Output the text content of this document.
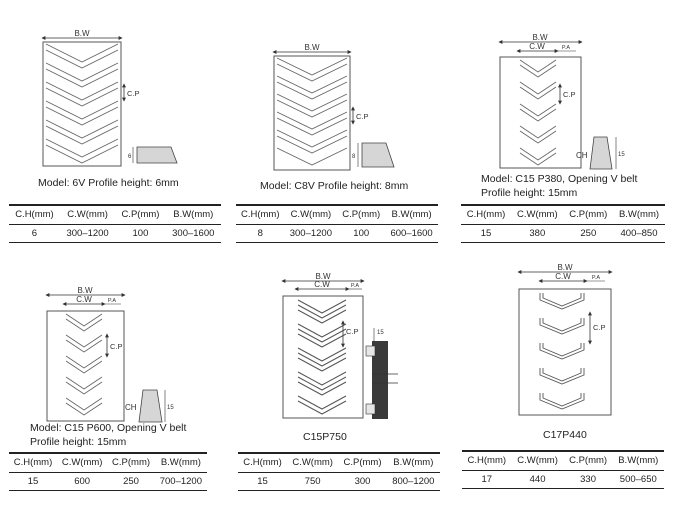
B.W
C.P
6
B.W
C.P
8
B.W
C.W	P.A
C.P
CH	15
B.W
C.W	P.A
C.P
CH	15
B.W
C.W	P.A
C.P	15
B.W
C.W	P.A
C.P
Model: 6V Profile height: 6mm	Model: C8V Profile height: 8mm
Model: C15 P380, Opening V belt
Profile height: 15mm
Model: C15 P600, Opening V belt
Profile height: 15mm	C15P750	C17P440
C.H(mm)	C.W(mm)	C.P(mm)	B.W(mm)
6	300–1200	100	300–1600
C.H(mm)	C.W(mm)	C.P(mm)	B.W(mm)
8	300–1200	100	600–1600
C.H(mm)	C.W(mm)	C.P(mm)	B.W(mm)
15	380	250	400–850
C.H(mm)	C.W(mm)	C.P(mm)	B.W(mm)
15	600	250	700–1200
C.H(mm)	C.W(mm)	C.P(mm)	B.W(mm)
15	750	300	800–1200
C.H(mm)	C.W(mm)	C.P(mm)	B.W(mm)
17	440	330	500–650
